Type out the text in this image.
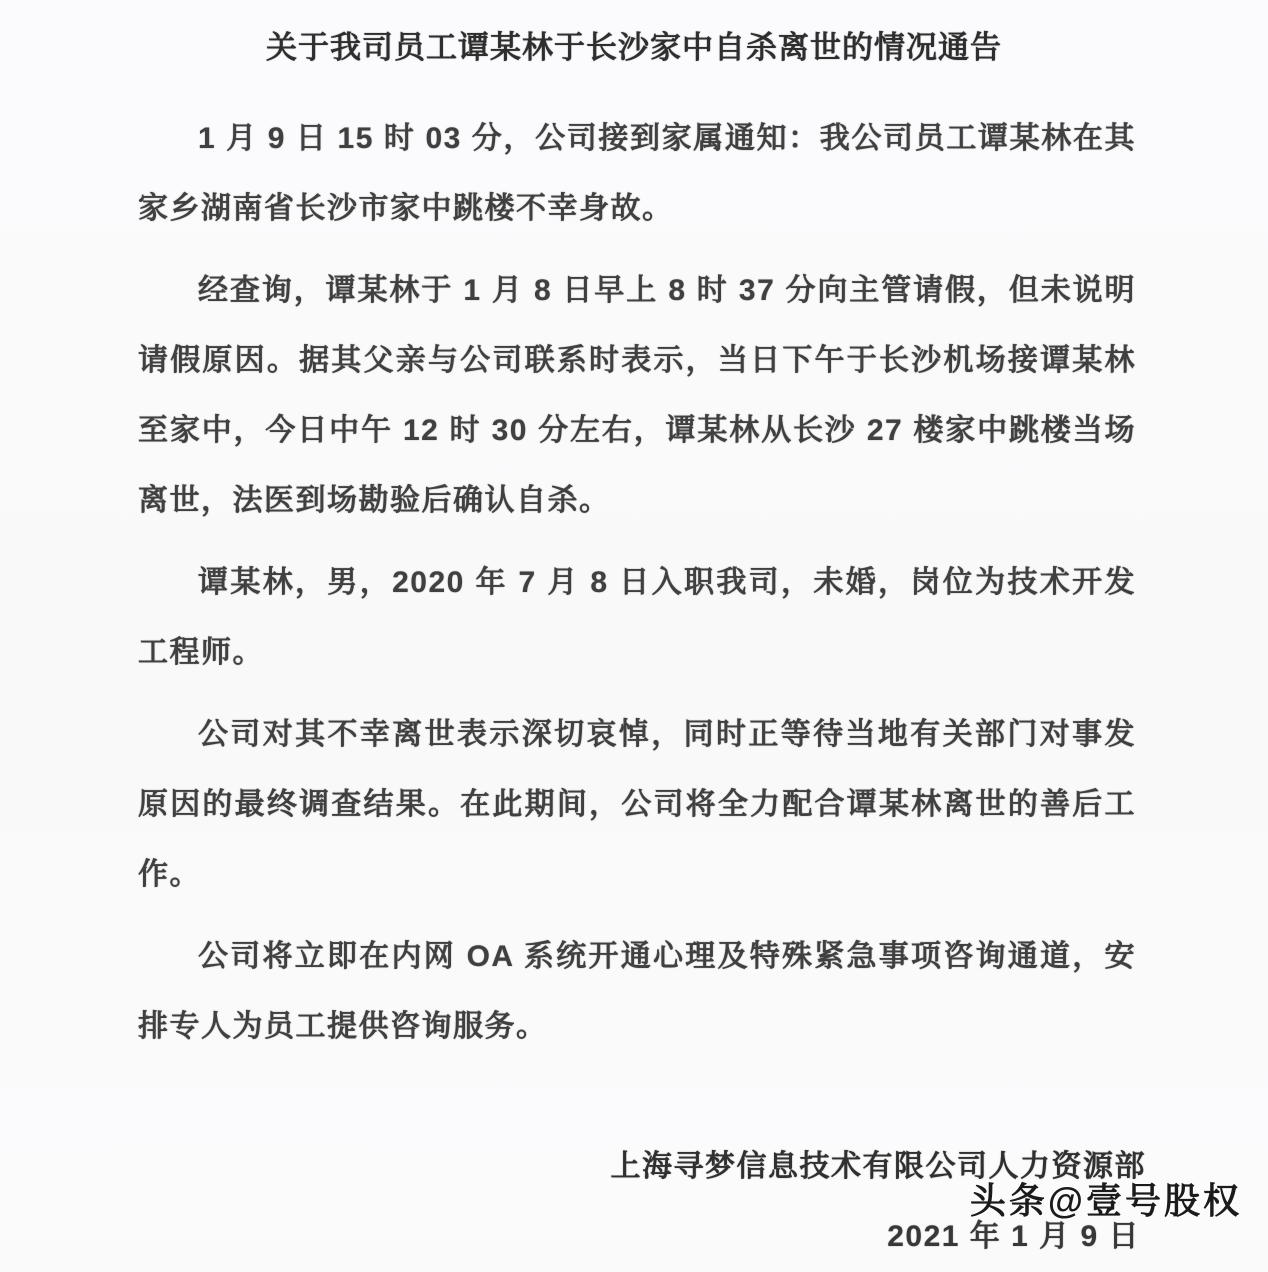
关于我司员工谭某林于长沙家中自杀离世的情况通告

1 月 9 日 15 时 03 分，公司接到家属通知：我公司员工谭某林在其家乡湖南省长沙市家中跳楼不幸身故。

经查询，谭某林于 1 月 8 日早上 8 时 37 分向主管请假，但未说明请假原因。据其父亲与公司联系时表示，当日下午于长沙机场接谭某林至家中，今日中午 12 时 30 分左右，谭某林从长沙 27 楼家中跳楼当场离世，法医到场勘验后确认自杀。

谭某林，男，2020 年 7 月 8 日入职我司，未婚，岗位为技术开发工程师。

公司对其不幸离世表示深切哀悼，同时正等待当地有关部门对事发原因的最终调查结果。在此期间，公司将全力配合谭某林离世的善后工作。

公司将立即在内网 OA 系统开通心理及特殊紧急事项咨询通道，安排专人为员工提供咨询服务。

上海寻梦信息技术有限公司人力资源部
2021 年 1 月 9 日
头条@壹号股权
